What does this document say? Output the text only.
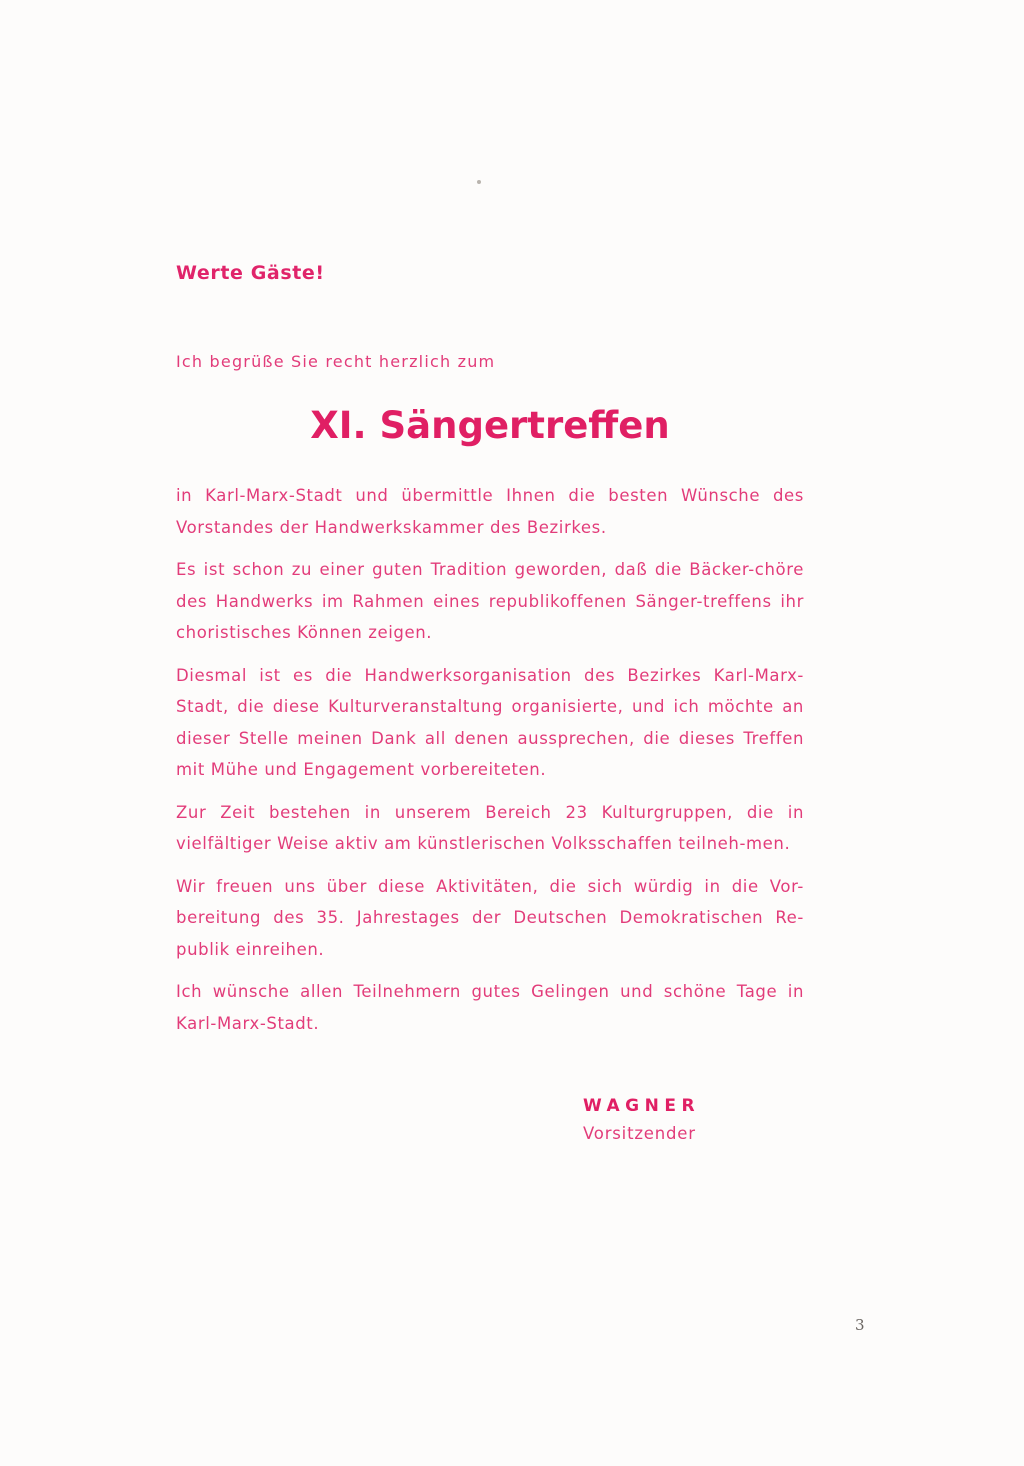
Werte Gäste!

Ich begrüße Sie recht herzlich zum

XI. Sängertreffen

in Karl-Marx-Stadt und übermittle Ihnen die besten Wünsche des Vorstandes der Handwerkskammer des Bezirkes.

Es ist schon zu einer guten Tradition geworden, daß die Bäcker-chöre des Handwerks im Rahmen eines republikoffenen Sänger-treffens ihr choristisches Können zeigen.

Diesmal ist es die Handwerksorganisation des Bezirkes Karl-Marx-Stadt, die diese Kulturveranstaltung organisierte, und ich möchte an dieser Stelle meinen Dank all denen aussprechen, die dieses Treffen mit Mühe und Engagement vorbereiteten.

Zur Zeit bestehen in unserem Bereich 23 Kulturgruppen, die in vielfältiger Weise aktiv am künstlerischen Volksschaffen teilneh-men.

Wir freuen uns über diese Aktivitäten, die sich würdig in die Vor-bereitung des 35. Jahrestages der Deutschen Demokratischen Re-publik einreihen.

Ich wünsche allen Teilnehmern gutes Gelingen und schöne Tage in Karl-Marx-Stadt.

WAGNER

Vorsitzender

3
